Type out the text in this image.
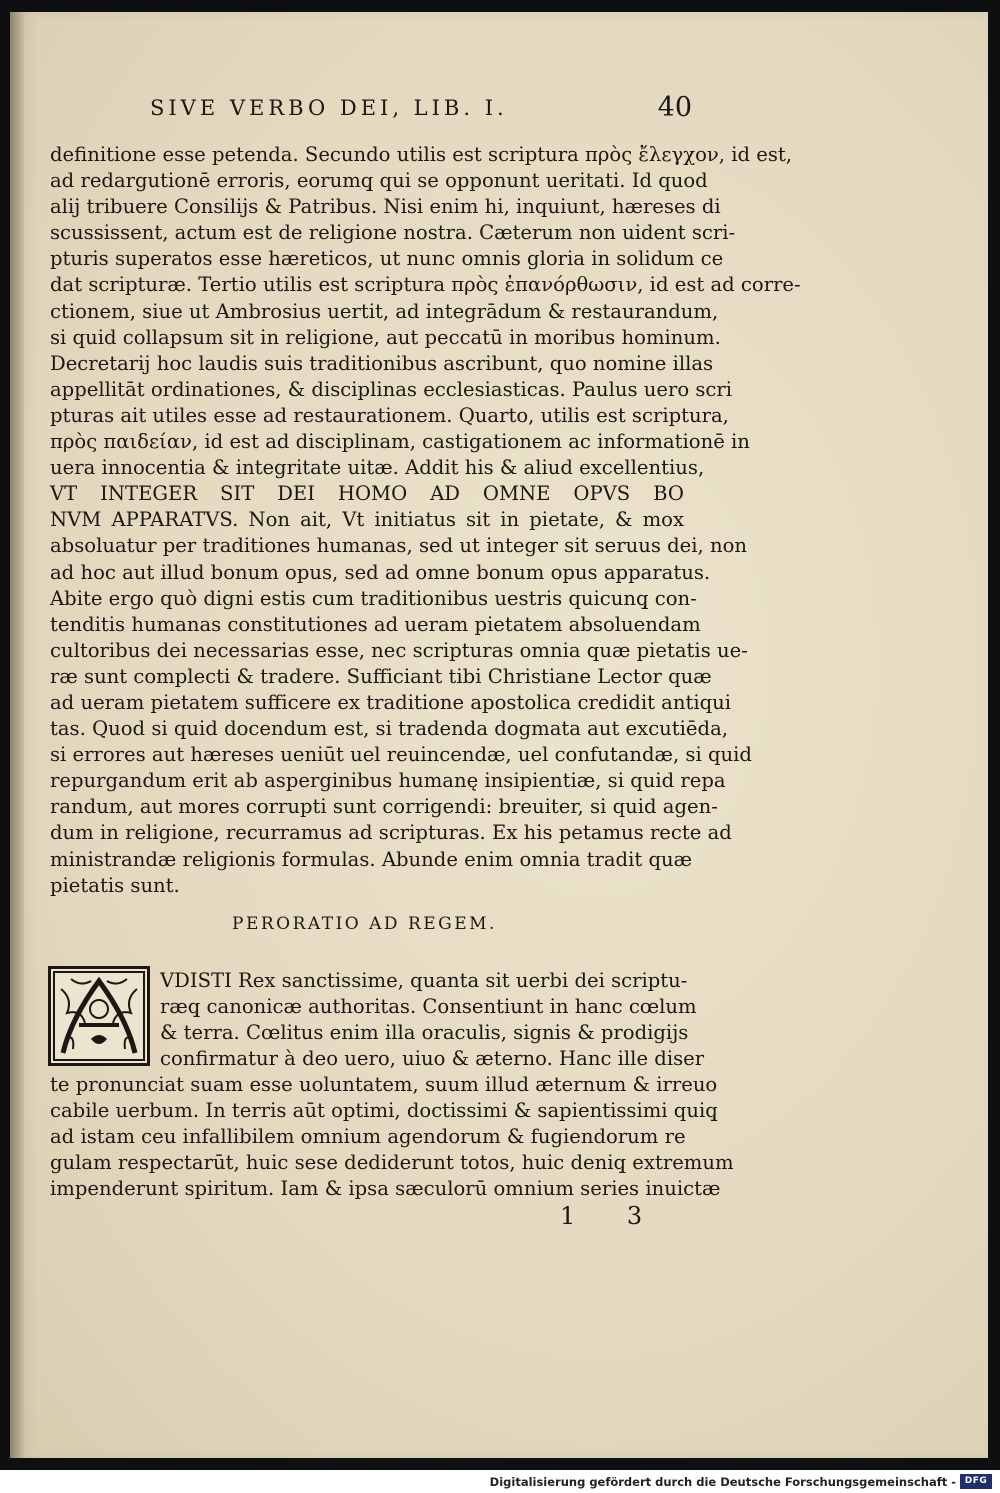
SIVE VERBO DEI, LIB. I.	40
definitione esse petenda. Secundo utilis est scriptura πρὸς ἔλεγχον, id est,
ad redargutionē erroris, eorumq̧ qui se opponunt ueritati. Id quod
alij tribuere Consilijs & Patribus. Nisi enim hi, inquiunt, hæreses di
scussissent, actum est de religione nostra. Cæterum non uident scri-
pturis superatos esse hæreticos, ut nunc omnis gloria in solidum ce
dat scripturæ. Tertio utilis est scriptura πρὸς ἐπανόρθωσιν, id est ad corre-
ctionem, siue ut Ambrosius uertit, ad integrādum & restaurandum,
si quid collapsum sit in religione, aut peccatū in moribus hominum.
Decretarij hoc laudis suis traditionibus ascribunt, quo nomine illas
appellitāt ordinationes, & disciplinas ecclesiasticas. Paulus uero scri
pturas ait utiles esse ad restaurationem. Quarto, utilis est scriptura,
πρὸς παιδείαν, id est ad disciplinam, castigationem ac informationē in
uera innocentia & integritate uitæ. Addit his & aliud excellentius,
VT INTEGER SIT DEI HOMO AD OMNE OPVS BO
NVM APPARATVS. Non ait, Vt initiatus sit in pietate, & mox
absoluatur per traditiones humanas, sed ut integer sit seruus dei, non
ad hoc aut illud bonum opus, sed ad omne bonum opus apparatus.
Abite ergo quò digni estis cum traditionibus uestris quicunq̧ con-
tenditis humanas constitutiones ad ueram pietatem absoluendam
cultoribus dei necessarias esse, nec scripturas omnia quæ pietatis ue-
ræ sunt complecti & tradere. Sufficiant tibi Christiane Lector quæ
ad ueram pietatem sufficere ex traditione apostolica credidit antiqui
tas. Quod si quid docendum est, si tradenda dogmata aut excutiēda,
si errores aut hæreses ueniūt uel reuincendæ, uel confutandæ, si quid
repurgandum erit ab asperginibus humanę insipientiæ, si quid repa
randum, aut mores corrupti sunt corrigendi: breuiter, si quid agen-
dum in religione, recurramus ad scripturas. Ex his petamus recte ad
ministrandæ religionis formulas. Abunde enim omnia tradit quæ
pietatis sunt.
PERORATIO AD REGEM.
VDISTI Rex sanctissime, quanta sit uerbi dei scriptu-
ræq̧ canonicæ authoritas. Consentiunt in hanc cœlum
& terra. Cœlitus enim illa oraculis, signis & prodigijs
confirmatur à deo uero, uiuo & æterno. Hanc ille diser
te pronunciat suam esse uoluntatem, suum illud æternum & irreuo
cabile uerbum. In terris aūt optimi, doctissimi & sapientissimi quiq̧
ad istam ceu infallibilem omnium agendorum & fugiendorum re
gulam respectarūt, huic sese dediderunt totos, huic deniq̧ extremum
impenderunt spiritum. Iam & ipsa sæculorū omnium series inuictæ
1 3
Digitalisierung gefördert durch die Deutsche Forschungsgemeinschaft - DFG
